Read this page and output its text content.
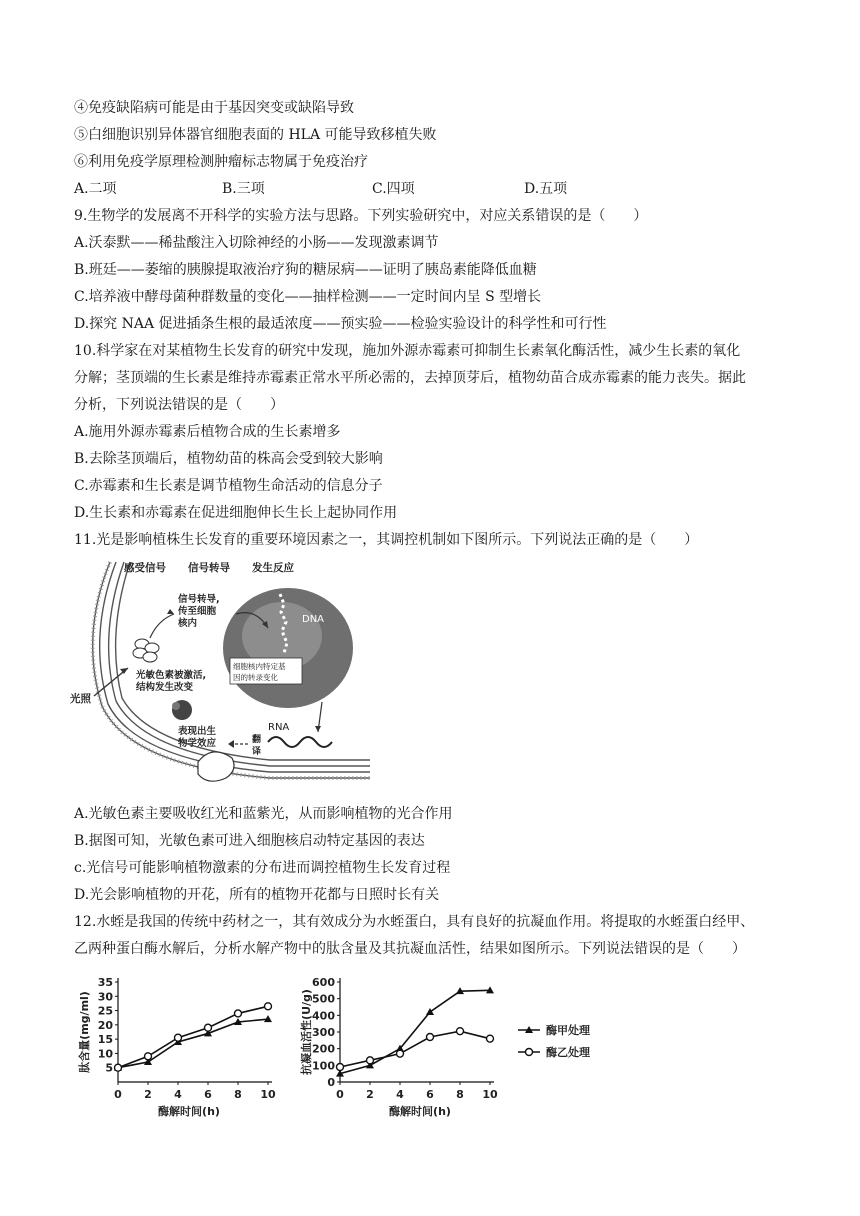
④免疫缺陷病可能是由于基因突变或缺陷导致
⑤白细胞识别异体器官细胞表面的 HLA 可能导致移植失败
⑥利用免疫学原理检测肿瘤标志物属于免疫治疗
A.二项	B.三项	C.四项	D.五项
9.生物学的发展离不开科学的实验方法与思路。下列实验研究中，对应关系错误的是（　　）
A.沃泰默——稀盐酸注入切除神经的小肠——发现激素调节
B.班廷——萎缩的胰腺提取液治疗狗的糖尿病——证明了胰岛素能降低血糖
C.培养液中酵母菌种群数量的变化——抽样检测——一定时间内呈 S 型增长
D.探究 NAA 促进插条生根的最适浓度——预实验——检验实验设计的科学性和可行性
10.科学家在对某植物生长发育的研究中发现，施加外源赤霉素可抑制生长素氧化酶活性，减少生长素的氧化
分解；茎顶端的生长素是维持赤霉素正常水平所必需的，去掉顶芽后，植物幼苗合成赤霉素的能力丧失。据此
分析，下列说法错误的是（　　）
A.施用外源赤霉素后植物合成的生长素增多
B.去除茎顶端后，植物幼苗的株高会受到较大影响
C.赤霉素和生长素是调节植物生命活动的信息分子
D.生长素和赤霉素在促进细胞伸长生长上起协同作用
11.光是影响植株生长发育的重要环境因素之一，其调控机制如下图所示。下列说法正确的是（　　）
感受信号 信号转导 发生反应
DNA
细胞核内特定基
因的转录变化
信号转导,
传至细胞
核内
光照
光敏色素被激活,
结构发生改变
表现出生
物学效应
RNA
翻
译
A.光敏色素主要吸收红光和蓝紫光，从而影响植物的光合作用
B.据图可知，光敏色素可进入细胞核启动特定基因的表达
c.光信号可能影响植物激素的分布进而调控植物生长发育过程
D.光会影响植物的开花，所有的植物开花都与日照时长有关
12.水蛭是我国的传统中药材之一，其有效成分为水蛭蛋白，具有良好的抗凝血作用。将提取的水蛭蛋白经甲、
乙两种蛋白酶水解后，分析水解产物中的肽含量及其抗凝血活性，结果如图所示。下列说法错误的是（　　）
肽含量(mg/ml)
酶解时间(h)
5
10
15
20
25
30
35
0 2 4 6 8 10
抗凝血活性(U/g)
酶解时间(h)
0
100
200
300
400
500
600
0 2 4 6 8 10
酶甲处理
酶乙处理
